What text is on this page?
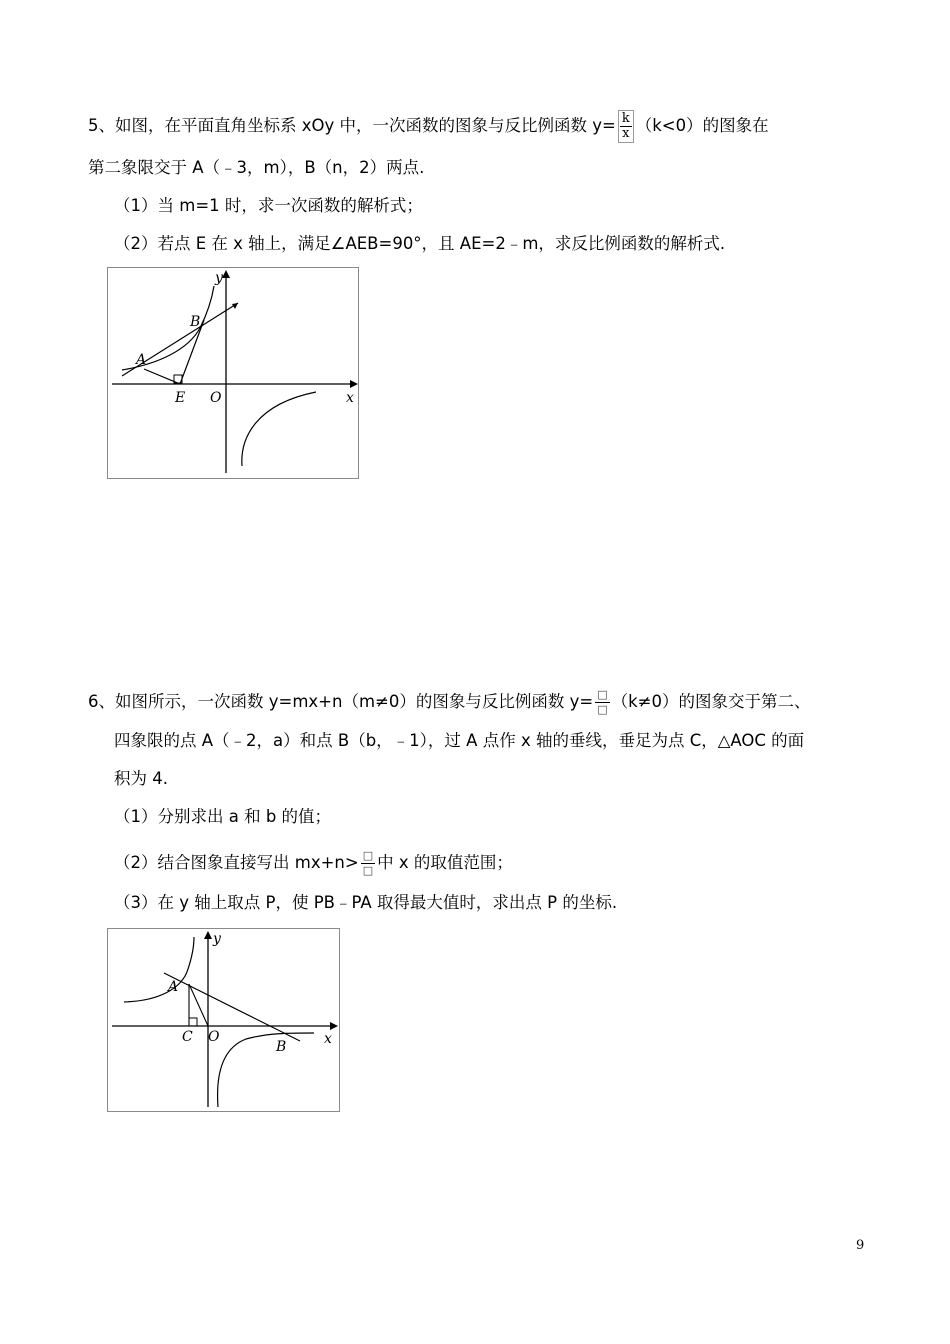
5、如图，在平面直角坐标系 xOy 中，一次函数的图象与反比例函数 $y= \frac{k}{x} (k<0)$的图象在
第二象限交于 A（﹣3，m），B（n，2）两点.
（1）当 m=1 时，求一次函数的解析式；
（2）若点 E 在 x 轴上，满足∠AEB=90°，且 AE=2﹣m，求反比例函数的解析式.
y
x
A
B
E O
6、如图所示，一次函数 y=mx+n（m≠0）的图象与反比例函数 $y= \frac{□}{□} (k\ne 0)$的图象交于第二、
四象限的点 A（﹣2，a）和点 B（b，﹣1），过 A 点作 x 轴的垂线，垂足为点 C，△AOC 的面
积为 4.
（1）分别求出 a 和 b 的值；
（2）结合图象直接写出 $mx+n> \frac{□}{□}$ 中 x 的取值范围；
（3）在 y 轴上取点 P，使 PB﹣PA 取得最大值时，求出点 P 的坐标.
y
x
A
B
C O
9
